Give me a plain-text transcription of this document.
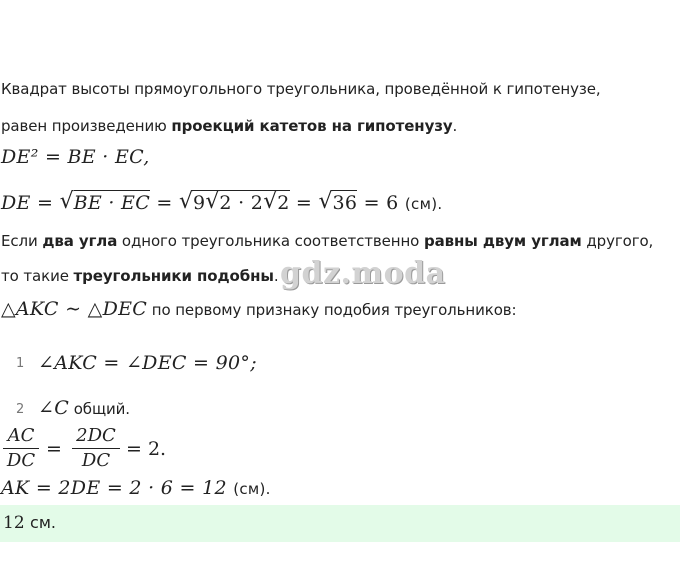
Квадрат высоты прямоугольного треугольника, проведённой к гипотенузе,
равен произведению проекций катетов на гипотенузу.
DE² = BE · EC,
DE = √ BE · EC = √ 9 √ 2 · 2 √ 2 = √ 36 = 6 (см).
Если два угла одного треугольника соответственно равны двум углам другого,
то такие треугольники подобны. gdz.moda
△AKC ∼ △DEC по первому признаку подобия треугольников:
1 ∠AKC = ∠DEC = 90°;
2 ∠C общий.
$\frac{AC}{DC} = \frac{2DC}{DC} = 2$.
AK = 2DE = 2 · 6 = 12 (см).
12 см.
